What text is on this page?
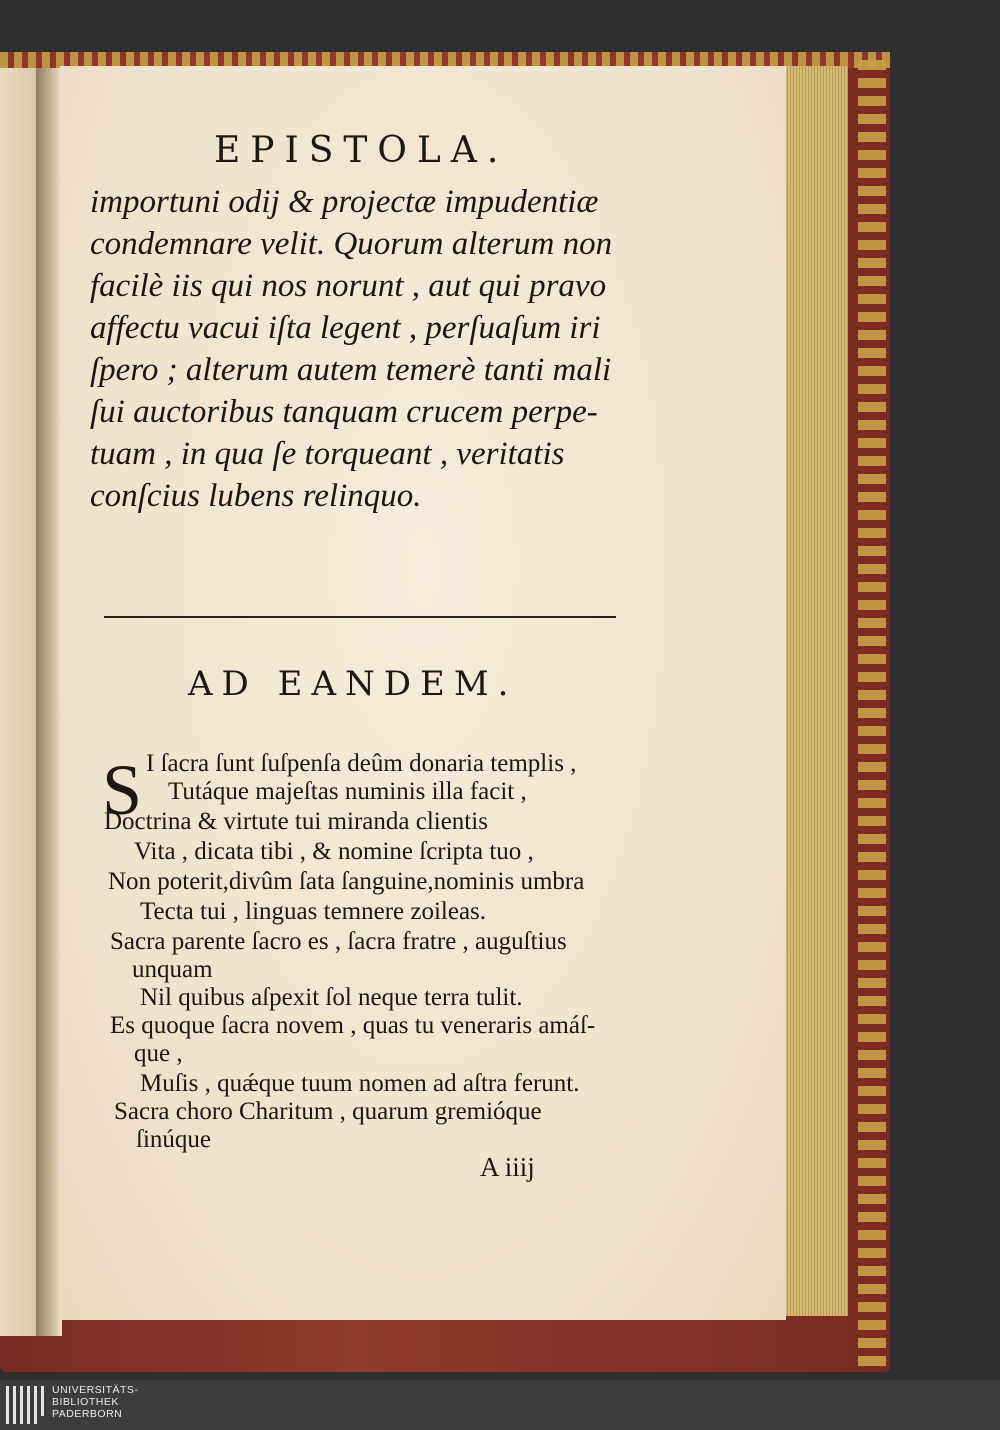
EPISTOLA.
importuni odij & projectæ impudentiæ
condemnare velit. Quorum alterum non
facilè iis qui nos norunt , aut qui pravo
affectu vacui iſta legent , perſuaſum iri
ſpero ; alterum autem temerè tanti mali
ſui auctoribus tanquam crucem perpe-
tuam , in qua ſe torqueant , veritatis
conſcius lubens relinquo.
AD EANDEM.
S I ſacra ſunt ſuſpenſa deûm donaria templis ,
Tutáque majeſtas numinis illa facit ,
Doctrina & virtute tui miranda clientis
Vita , dicata tibi , & nomine ſcripta tuo ,
Non poterit,divûm ſata ſanguine,nominis umbra
Tecta tui , linguas temnere zoileas.
Sacra parente ſacro es , ſacra fratre , auguſtius
unquam
Nil quibus aſpexit ſol neque terra tulit.
Es quoque ſacra novem , quas tu veneraris amáſ-
que ,
Muſis , quǽque tuum nomen ad aſtra ferunt.
Sacra choro Charitum , quarum gremióque
ſinúque
A iiij
UNIVERSITÄTS-
BIBLIOTHEK
PADERBORN
